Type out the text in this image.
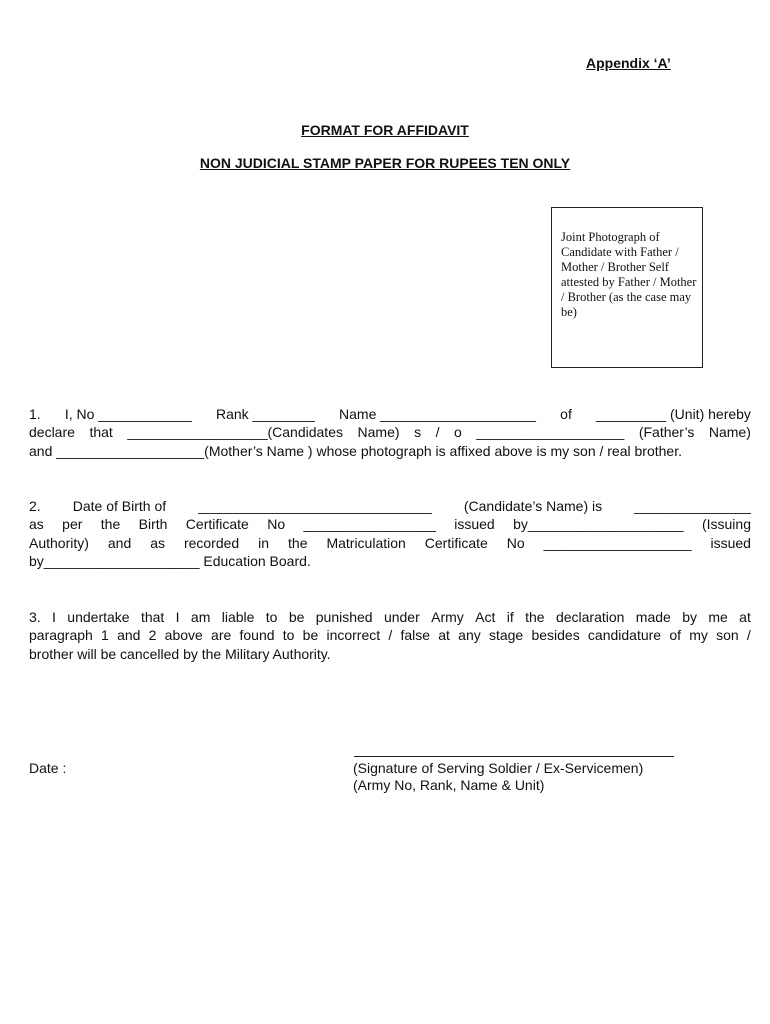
Appendix ‘A’
FORMAT FOR AFFIDAVIT
NON JUDICIAL STAMP PAPER FOR RUPEES TEN ONLY
Joint Photograph of Candidate with Father / Mother / Brother Self attested by Father / Mother / Brother (as the case may be)
1. I, No ____________ Rank ________ Name ____________________ of _________ (Unit) hereby
declare that __________________(Candidates Name) s / o ___________________ (Father’s Name)
and ___________________(Mother’s Name ) whose photograph is affixed above is my son / real brother.
2. Date of Birth of ______________________________ (Candidate’s Name) is _______________
as per the Birth Certificate No _________________ issued by____________________ (Issuing
Authority) and as recorded in the Matriculation Certificate No ___________________ issued
by____________________ Education Board.
3. I undertake that I am liable to be punished under Army Act if the declaration made by me at
paragraph 1 and 2 above are found to be incorrect / false at any stage besides candidature of my son /
brother will be cancelled by the Military Authority.
Date :	(Signature of Serving Soldier / Ex-Servicemen)
(Army No, Rank, Name & Unit)
